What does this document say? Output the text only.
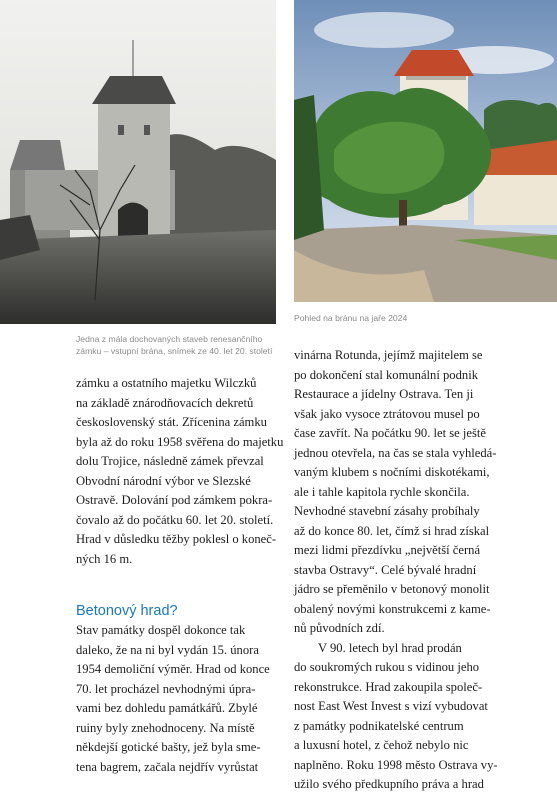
Jedna z mála dochovaných staveb renesančního
zámku – vstupní brána, snímek ze 40. let 20. století
Pohled na bránu na jaře 2024
zámku a ostatního majetku Wilczků
na základě znárodňovacích dekretů
československý stát. Zřícenina zámku
byla až do roku 1958 svěřena do majetku
dolu Trojice, následně zámek převzal
Obvodní národní výbor ve Slezské
Ostravě. Dolování pod zámkem pokra-
čovalo až do počátku 60. let 20. století.
Hrad v důsledku těžby poklesl o koneč-
ných 16 m.
Betonový hrad?
Stav památky dospěl dokonce tak
daleko, že na ni byl vydán 15. února
1954 demoliční výměr. Hrad od konce
70. let procházel nevhodnými úpra-
vami bez dohledu památkářů. Zbylé
ruiny byly znehodnoceny. Na místě
někdejší gotické bašty, jež byla sme-
tena bagrem, začala nejdřív vyrůstat
vinárna Rotunda, jejímž majitelem se
po dokončení stal komunální podnik
Restaurace a jídelny Ostrava. Ten ji
však jako vysoce ztrátovou musel po
čase zavřít. Na počátku 90. let se ještě
jednou otevřela, na čas se stala vyhledá-
vaným klubem s nočními diskotékami,
ale i tahle kapitola rychle skončila.
Nevhodné stavební zásahy probíhaly
až do konce 80. let, čímž si hrad získal
mezi lidmi přezdívku „největší černá
stavba Ostravy“. Celé bývalé hradní
jádro se přeměnilo v betonový monolit
obalený novými konstrukcemi z kame-
nů původních zdí.
V 90. letech byl hrad prodán
do soukromých rukou s vidinou jeho
rekonstrukce. Hrad zakoupila společ-
nost East West Invest s vizí vybudovat
z památky podnikatelské centrum
a luxusní hotel, z čehož nebylo nic
naplněno. Roku 1998 město Ostrava vy-
užilo svého předkupního práva a hrad
